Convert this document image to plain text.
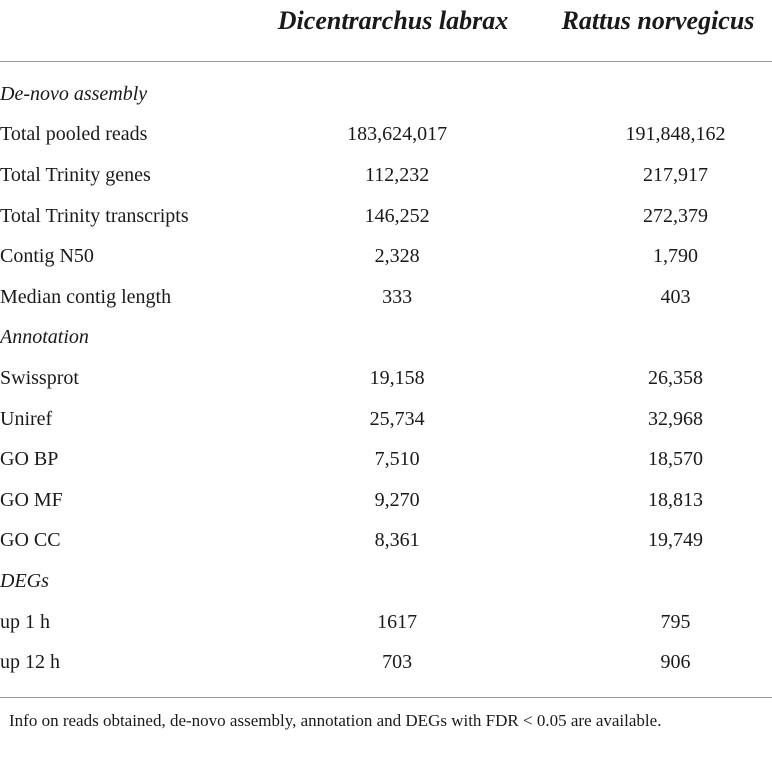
Dicentrarchus labrax	Rattus norvegicus
De-novo assembly			
Total pooled reads	183,624,017		191,848,162
Total Trinity genes	112,232		217,917
Total Trinity transcripts	146,252		272,379
Contig N50	2,328		1,790
Median contig length	333		403
Annotation			
Swissprot	19,158		26,358
Uniref	25,734		32,968
GO BP	7,510		18,570
GO MF	9,270		18,813
GO CC	8,361		19,749
DEGs			
up 1 h	1617		795
up 12 h	703		906
Info on reads obtained, de-novo assembly, annotation and DEGs with FDR < 0.05 are available.
